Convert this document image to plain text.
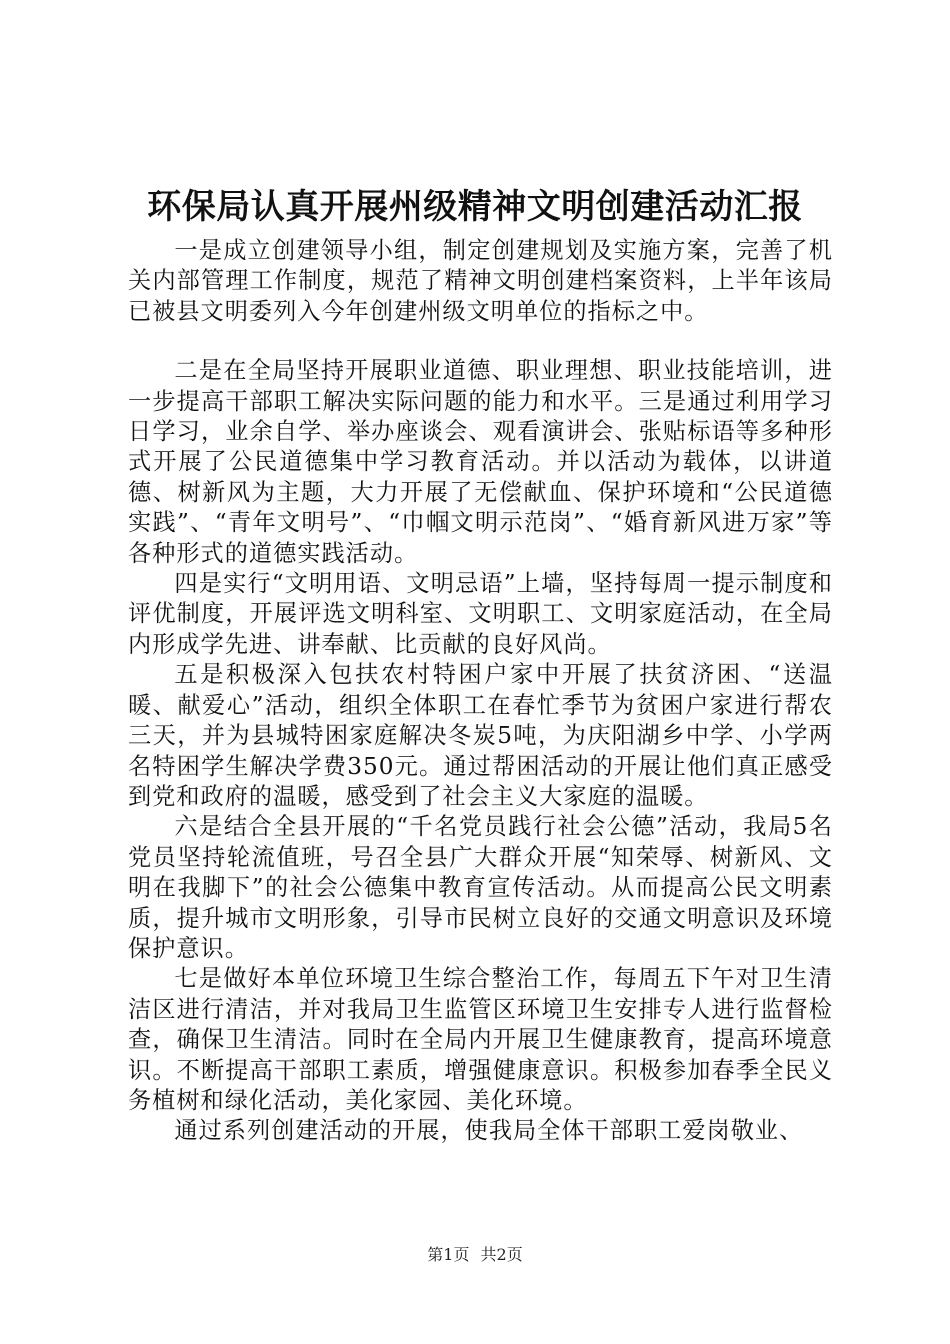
环保局认真开展州级精神文明创建活动汇报

一是成立创建领导小组，制定创建规划及实施方案，完善了机关内部管理工作制度，规范了精神文明创建档案资料，上半年该局已被县文明委列入今年创建州级文明单位的指标之中。

二是在全局坚持开展职业道德、职业理想、职业技能培训，进一步提高干部职工解决实际问题的能力和水平。三是通过利用学习日学习，业余自学、举办座谈会、观看演讲会、张贴标语等多种形式开展了公民道德集中学习教育活动。并以活动为载体，以讲道德、树新风为主题，大力开展了无偿献血、保护环境和“公民道德实践”、“青年文明号”、“巾帼文明示范岗”、“婚育新风进万家”等各种形式的道德实践活动。

四是实行“文明用语、文明忌语”上墙，坚持每周一提示制度和评优制度，开展评选文明科室、文明职工、文明家庭活动，在全局内形成学先进、讲奉献、比贡献的良好风尚。

五是积极深入包扶农村特困户家中开展了扶贫济困、“送温暖、献爱心”活动，组织全体职工在春忙季节为贫困户家进行帮农三天，并为县城特困家庭解决冬炭5吨，为庆阳湖乡中学、小学两名特困学生解决学费350元。通过帮困活动的开展让他们真正感受到党和政府的温暖，感受到了社会主义大家庭的温暖。

六是结合全县开展的“千名党员践行社会公德”活动，我局5名党员坚持轮流值班，号召全县广大群众开展“知荣辱、树新风、文明在我脚下”的社会公德集中教育宣传活动。从而提高公民文明素质，提升城市文明形象，引导市民树立良好的交通文明意识及环境保护意识。

七是做好本单位环境卫生综合整治工作，每周五下午对卫生清洁区进行清洁，并对我局卫生监管区环境卫生安排专人进行监督检查，确保卫生清洁。同时在全局内开展卫生健康教育，提高环境意识。不断提高干部职工素质，增强健康意识。积极参加春季全民义务植树和绿化活动，美化家园、美化环境。

通过系列创建活动的开展，使我局全体干部职工爱岗敬业、

第1页 共2页
